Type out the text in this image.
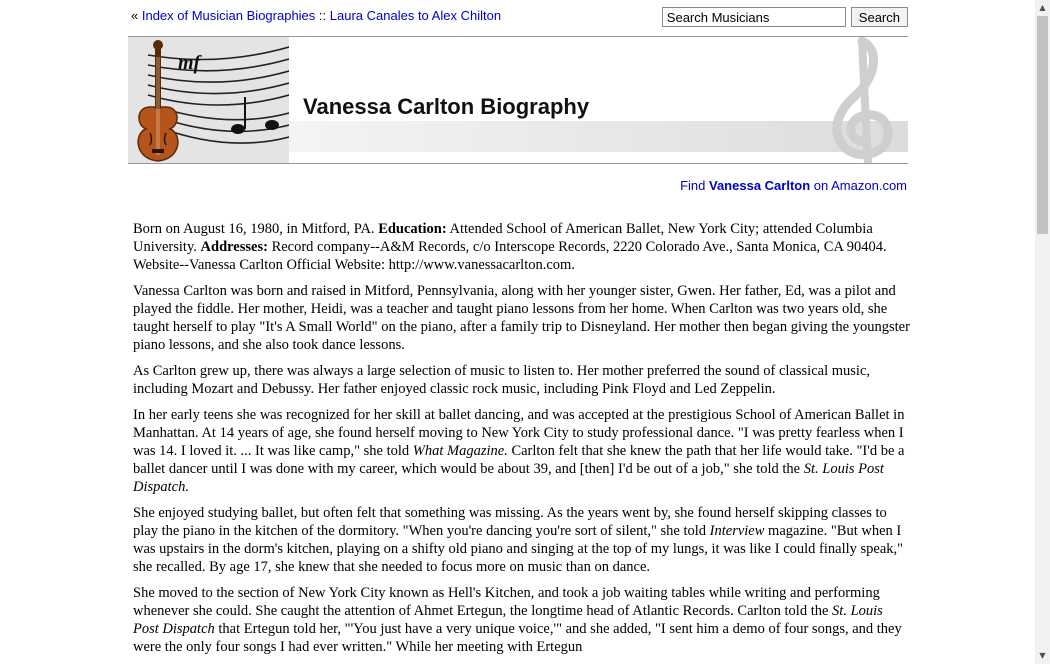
« Index of Musician Biographies :: Laura Canales to Alex Chilton
Search Musicians	Search
mf
Vanessa Carlton Biography
Find Vanessa Carlton on Amazon.com

Born on August 16, 1980, in Mitford, PA. Education: Attended School of American Ballet, New York City; attended Columbia University. Addresses: Record company--A&M Records, c/o Interscope Records, 2220 Colorado Ave., Santa Monica, CA 90404. Website--Vanessa Carlton Official Website: http://www.vanessacarlton.com.

Vanessa Carlton was born and raised in Mitford, Pennsylvania, along with her younger sister, Gwen. Her father, Ed, was a pilot and played the fiddle. Her mother, Heidi, was a teacher and taught piano lessons from her home. When Carlton was two years old, she taught herself to play "It's A Small World" on the piano, after a family trip to Disneyland. Her mother then began giving the youngster piano lessons, and she also took dance lessons.

As Carlton grew up, there was always a large selection of music to listen to. Her mother preferred the sound of classical music, including Mozart and Debussy. Her father enjoyed classic rock music, including Pink Floyd and Led Zeppelin.

In her early teens she was recognized for her skill at ballet dancing, and was accepted at the prestigious School of American Ballet in Manhattan. At 14 years of age, she found herself moving to New York City to study professional dance. "I was pretty fearless when I was 14. I loved it. ... It was like camp," she told What Magazine. Carlton felt that she knew the path that her life would take. "I'd be a ballet dancer until I was done with my career, which would be about 39, and [then] I'd be out of a job," she told the St. Louis Post Dispatch.

She enjoyed studying ballet, but often felt that something was missing. As the years went by, she found herself skipping classes to play the piano in the kitchen of the dormitory. "When you're dancing you're sort of silent," she told Interview magazine. "But when I was upstairs in the dorm's kitchen, playing on a shifty old piano and singing at the top of my lungs, it was like I could finally speak," she recalled. By age 17, she knew that she needed to focus more on music than on dance.

She moved to the section of New York City known as Hell's Kitchen, and took a job waiting tables while writing and performing whenever she could. She caught the attention of Ahmet Ertegun, the longtime head of Atlantic Records. Carlton told the St. Louis Post Dispatch that Ertegun told her, "'You just have a very unique voice,'" and she added, "I sent him a demo of four songs, and they were the only four songs I had ever written." While her meeting with Ertegun

▲
▼
